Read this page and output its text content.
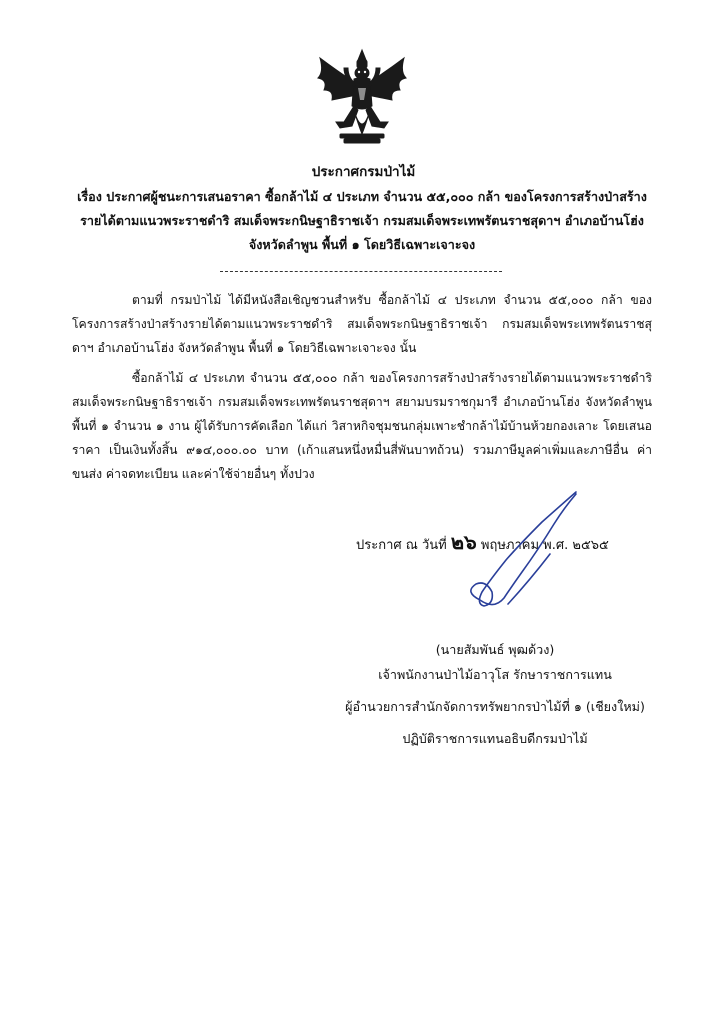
ประกาศกรมป่าไม้
เรื่อง ประกาศผู้ชนะการเสนอราคา ซื้อกล้าไม้ ๔ ประเภท จำนวน ๕๕,๐๐๐ กล้า ของโครงการสร้างป่าสร้างรายได้ตามแนวพระราชดำริ สมเด็จพระกนิษฐาธิราชเจ้า กรมสมเด็จพระเทพรัตนราชสุดาฯ อำเภอบ้านโฮ่ง จังหวัดลำพูน พื้นที่ ๑ โดยวิธีเฉพาะเจาะจง

ตามที่ กรมป่าไม้ ได้มีหนังสือเชิญชวนสำหรับ ซื้อกล้าไม้ ๔ ประเภท จำนวน ๕๕,๐๐๐ กล้า ของโครงการสร้างป่าสร้างรายได้ตามแนวพระราชดำริ สมเด็จพระกนิษฐาธิราชเจ้า กรมสมเด็จพระเทพรัตนราชสุดาฯ อำเภอบ้านโฮ่ง จังหวัดลำพูน พื้นที่ ๑ โดยวิธีเฉพาะเจาะจง นั้น

ซื้อกล้าไม้ ๔ ประเภท จำนวน ๕๕,๐๐๐ กล้า ของโครงการสร้างป่าสร้างรายได้ตามแนวพระราชดำริ สมเด็จพระกนิษฐาธิราชเจ้า กรมสมเด็จพระเทพรัตนราชสุดาฯ สยามบรมราชกุมารี อำเภอบ้านโฮ่ง จังหวัดลำพูน พื้นที่ ๑ จำนวน ๑ งาน ผู้ได้รับการคัดเลือก ได้แก่ วิสาหกิจชุมชนกลุ่มเพาะชำกล้าไม้บ้านห้วยกองเลาะ โดยเสนอราคา เป็นเงินทั้งสิ้น ๙๑๔,๐๐๐.๐๐ บาท (เก้าแสนหนึ่งหมื่นสี่พันบาทถ้วน) รวมภาษีมูลค่าเพิ่มและภาษีอื่น ค่าขนส่ง ค่าจดทะเบียน และค่าใช้จ่ายอื่นๆ ทั้งปวง

ประกาศ ณ วันที่ ๒๖ พฤษภาคม พ.ศ. ๒๕๖๕
(นายสัมพันธ์ พุฒด้วง)
เจ้าพนักงานป่าไม้อาวุโส รักษาราชการแทน
ผู้อำนวยการสำนักจัดการทรัพยากรป่าไม้ที่ ๑ (เชียงใหม่)
ปฏิบัติราชการแทนอธิบดีกรมป่าไม้
